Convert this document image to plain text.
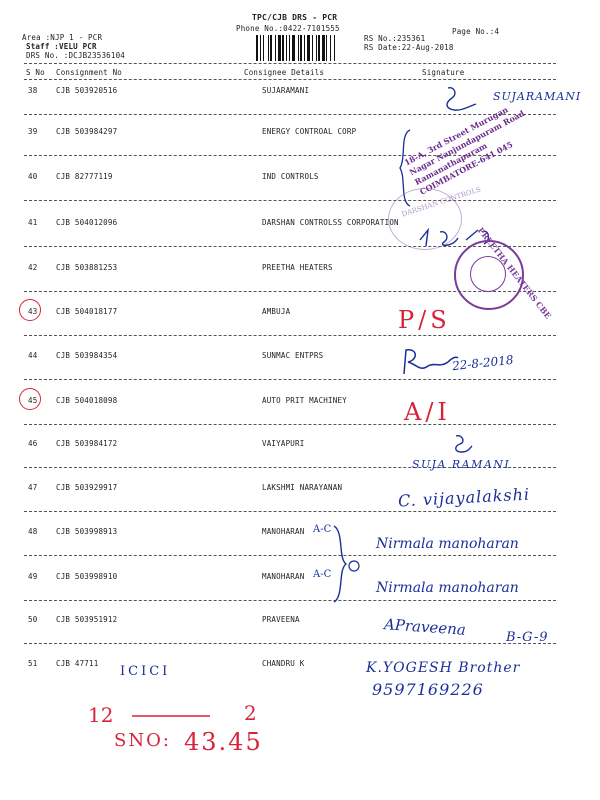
TPC/CJB DRS - PCR
Phone No.:0422-7101555	Page No.:4
Area :NJP 1 - PCR
Staff :VELU PCR
DRS No. :DCJB23536104
RS No.:235361
RS Date:22-Aug-2018
S No Consignment No	Consignee Details	Signature
38 CJB 503920516	SUJARAMANI
39 CJB 503984297	ENERGY CONTROAL CORP
40 CJB 82777119	IND CONTROLS
41 CJB 504012096	DARSHAN CONTROLSS CORPORATION
42 CJB 503881253	PREETHA HEATERS
43 CJB 504018177	AMBUJA
44 CJB 503984354	SUNMAC ENTPRS
45 CJB 504018098	AUTO PRIT MACHINEY
46 CJB 503984172	VAIYAPURI
47 CJB 503929917	LAKSHMI NARAYANAN
48 CJB 503998913	MANOHARAN
49 CJB 503998910	MANOHARAN
50 CJB 503951912	PRAVEENA
51 CJB 47711	CHANDRU K
SUJARAMANI
18-A, 3rd Street Murugan Nagar Nanjundapuram Road Ramanathapuram COIMBATORE-641 045
DARSHAN CONTROLS
PREETHA HEATERS CBE
P/S
22-8-2018
A/I
SUJA RAMANI
C. vijayalakshi
A-C
A-C
Nirmala manoharan
Nirmala manoharan
APraveena	B-G-9
ICICI	K.YOGESH Brother
9597169226
12	2
SNO: 43.45
